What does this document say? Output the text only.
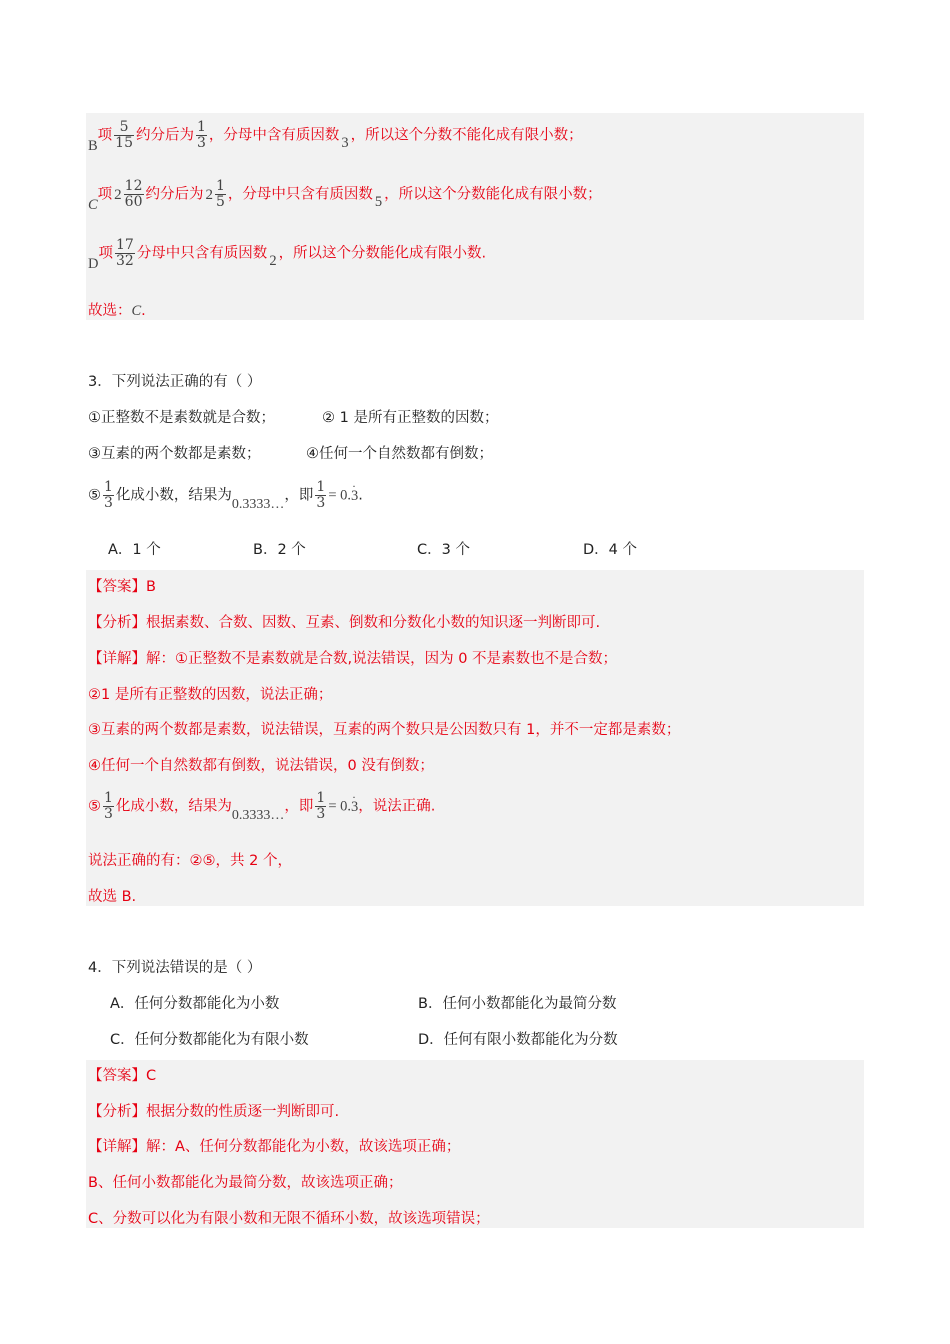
B项 $\frac{5}{15}$ 约分后为 $\frac{1}{3}$ ，分母中含有质因数 3 ，所以这个分数不能化成有限小数；
C项 $2 \frac{12}{60}$ 约分后为 $2 \frac{1}{5}$ ，分母中只含有质因数 5 ，所以这个分数能化成有限小数；
D项 $\frac{17}{32}$ 分母中只含有质因数 2 ，所以这个分数能化成有限小数.
故选：C.
3．下列说法正确的有（ ）
①正整数不是素数就是合数；	② 1 是所有正整数的因数；
③互素的两个数都是素数；	④任何一个自然数都有倒数；
⑤ $\frac{1}{3}$ 化成小数，结果为0.3333…，即 $\frac{1}{3} = 0.3$ ·.
A．1 个	B．2 个	C．3 个	D．4 个
【答案】B
【分析】根据素数、合数、因数、互素、倒数和分数化小数的知识逐一判断即可.
【详解】解：①正整数不是素数就是合数,说法错误，因为 0 不是素数也不是合数；
②1 是所有正整数的因数，说法正确；
③互素的两个数都是素数，说法错误，互素的两个数只是公因数只有 1，并不一定都是素数；
④任何一个自然数都有倒数，说法错误，0 没有倒数；
⑤ $\frac{1}{3}$ 化成小数，结果为0.3333…，即 $\frac{1}{3} = 0.3$ ·，说法正确.
说法正确的有：②⑤，共 2 个，
故选 B.
4．下列说法错误的是（ ）
A．任何分数都能化为小数	B．任何小数都能化为最简分数
C．任何分数都能化为有限小数	D．任何有限小数都能化为分数
【答案】C
【分析】根据分数的性质逐一判断即可.
【详解】解：A、任何分数都能化为小数，故该选项正确；
B、任何小数都能化为最简分数，故该选项正确；
C、分数可以化为有限小数和无限不循环小数，故该选项错误；
